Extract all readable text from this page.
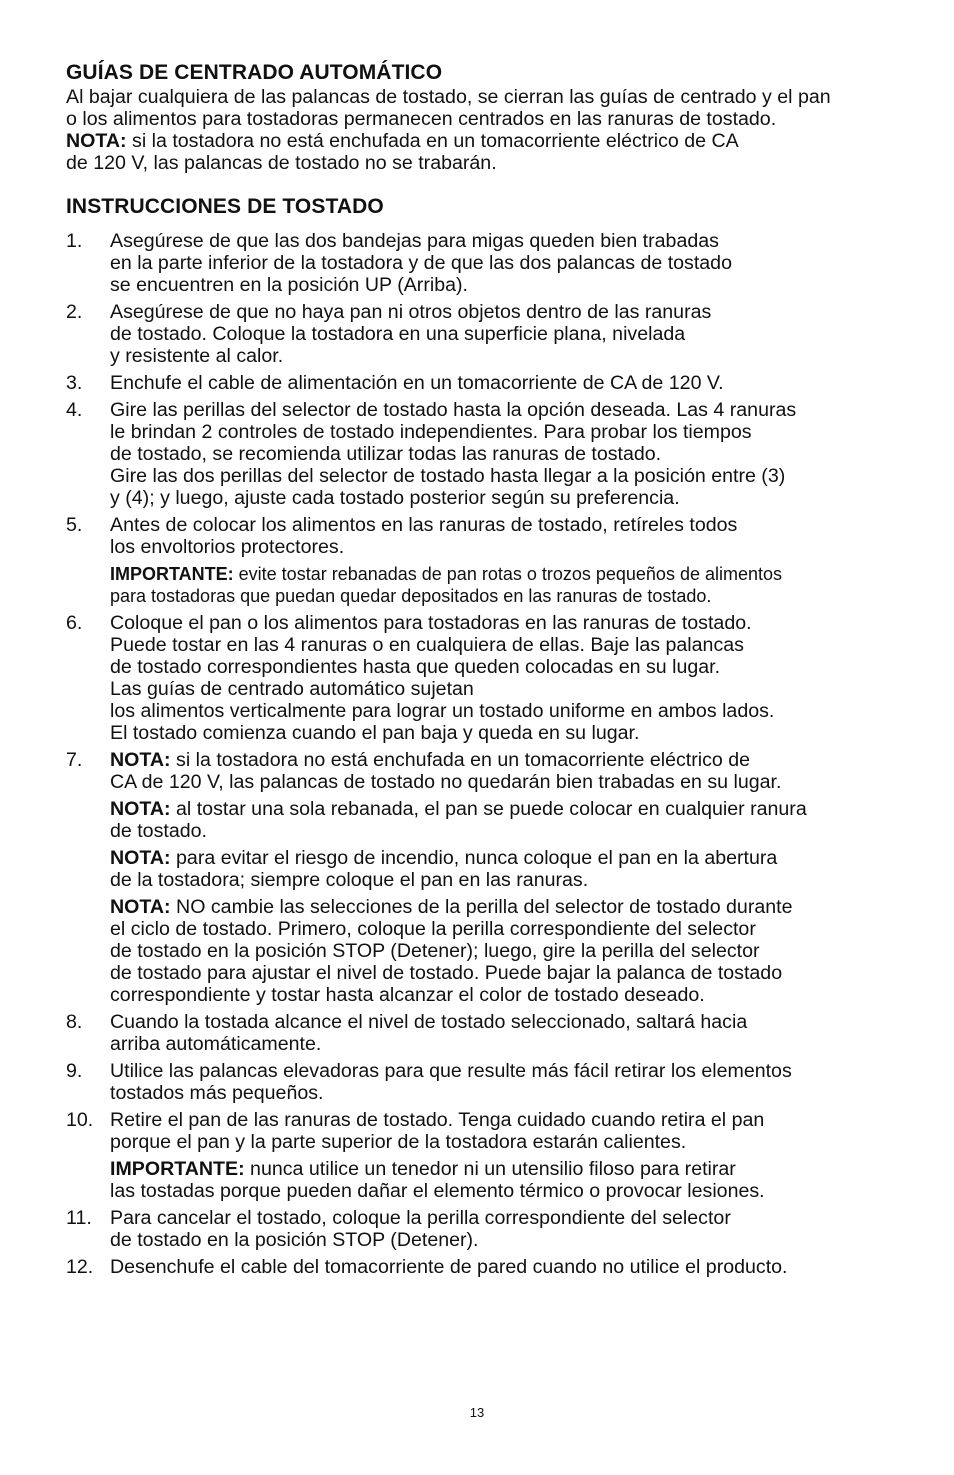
GUÍAS DE CENTRADO AUTOMÁTICO

Al bajar cualquiera de las palancas de tostado, se cierran las guías de centrado y el pan
o los alimentos para tostadoras permanecen centrados en las ranuras de tostado.
NOTA: si la tostadora no está enchufada en un tomacorriente eléctrico de CA
de 120 V, las palancas de tostado no se trabarán.

INSTRUCCIONES DE TOSTADO
1.	Asegúrese de que las dos bandejas para migas queden bien trabadas
en la parte inferior de la tostadora y de que las dos palancas de tostado
se encuentren en la posición UP (Arriba).
2.	Asegúrese de que no haya pan ni otros objetos dentro de las ranuras
de tostado. Coloque la tostadora en una superficie plana, nivelada
y resistente al calor.
3.	Enchufe el cable de alimentación en un tomacorriente de CA de 120 V.
4.	Gire las perillas del selector de tostado hasta la opción deseada. Las 4 ranuras
le brindan 2 controles de tostado independientes. Para probar los tiempos
de tostado, se recomienda utilizar todas las ranuras de tostado.
Gire las dos perillas del selector de tostado hasta llegar a la posición entre (3)
y (4); y luego, ajuste cada tostado posterior según su preferencia.
5.	Antes de colocar los alimentos en las ranuras de tostado, retíreles todos
los envoltorios protectores.
IMPORTANTE: evite tostar rebanadas de pan rotas o trozos pequeños de alimentos
para tostadoras que puedan quedar depositados en las ranuras de tostado.
6.	Coloque el pan o los alimentos para tostadoras en las ranuras de tostado.
Puede tostar en las 4 ranuras o en cualquiera de ellas. Baje las palancas
de tostado correspondientes hasta que queden colocadas en su lugar.
Las guías de centrado automático sujetan
los alimentos verticalmente para lograr un tostado uniforme en ambos lados.
El tostado comienza cuando el pan baja y queda en su lugar.
7.	NOTA: si la tostadora no está enchufada en un tomacorriente eléctrico de
CA de 120 V, las palancas de tostado no quedarán bien trabadas en su lugar.
NOTA: al tostar una sola rebanada, el pan se puede colocar en cualquier ranura
de tostado.
NOTA: para evitar el riesgo de incendio, nunca coloque el pan en la abertura
de la tostadora; siempre coloque el pan en las ranuras.
NOTA: NO cambie las selecciones de la perilla del selector de tostado durante
el ciclo de tostado. Primero, coloque la perilla correspondiente del selector
de tostado en la posición STOP (Detener); luego, gire la perilla del selector
de tostado para ajustar el nivel de tostado. Puede bajar la palanca de tostado
correspondiente y tostar hasta alcanzar el color de tostado deseado.
8.	Cuando la tostada alcance el nivel de tostado seleccionado, saltará hacia
arriba automáticamente.
9.	Utilice las palancas elevadoras para que resulte más fácil retirar los elementos
tostados más pequeños.
10. Retire el pan de las ranuras de tostado. Tenga cuidado cuando retira el pan
porque el pan y la parte superior de la tostadora estarán calientes.
IMPORTANTE: nunca utilice un tenedor ni un utensilio filoso para retirar
las tostadas porque pueden dañar el elemento térmico o provocar lesiones.
11. Para cancelar el tostado, coloque la perilla correspondiente del selector
de tostado en la posición STOP (Detener).
12. Desenchufe el cable del tomacorriente de pared cuando no utilice el producto.
13
